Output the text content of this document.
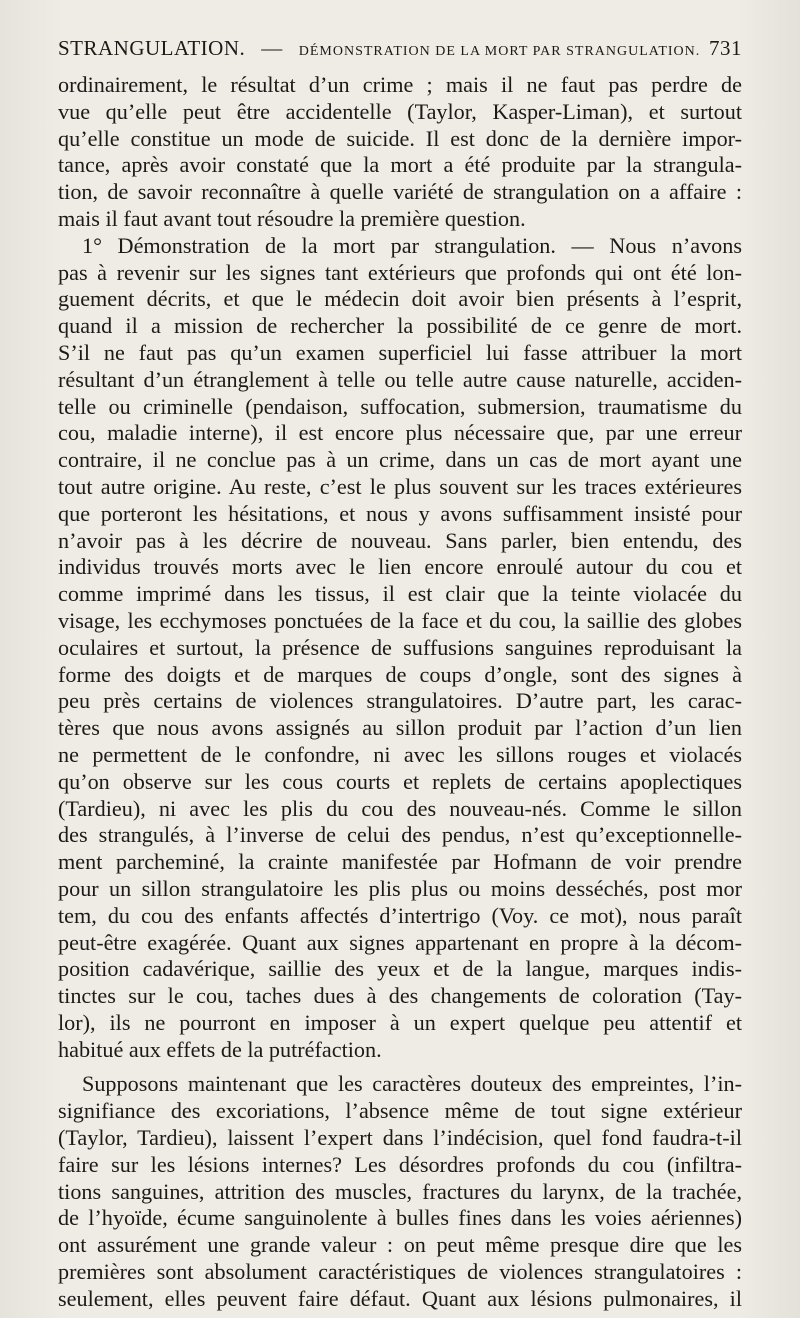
STRANGULATION. — DÉMONSTRATION DE LA MORT PAR STRANGULATION. 731
ordinairement, le résultat d’un crime ; mais il ne faut pas perdre de
vue qu’elle peut être accidentelle (Taylor, Kasper-Liman), et surtout
qu’elle constitue un mode de suicide. Il est donc de la dernière impor-
tance, après avoir constaté que la mort a été produite par la strangula-
tion, de savoir reconnaître à quelle variété de strangulation on a affaire :
mais il faut avant tout résoudre la première question.
1° Démonstration de la mort par strangulation. — Nous n’avons
pas à revenir sur les signes tant extérieurs que profonds qui ont été lon-
guement décrits, et que le médecin doit avoir bien présents à l’esprit,
quand il a mission de rechercher la possibilité de ce genre de mort.
S’il ne faut pas qu’un examen superficiel lui fasse attribuer la mort
résultant d’un étranglement à telle ou telle autre cause naturelle, acciden-
telle ou criminelle (pendaison, suffocation, submersion, traumatisme du
cou, maladie interne), il est encore plus nécessaire que, par une erreur
contraire, il ne conclue pas à un crime, dans un cas de mort ayant une
tout autre origine. Au reste, c’est le plus souvent sur les traces extérieures
que porteront les hésitations, et nous y avons suffisamment insisté pour
n’avoir pas à les décrire de nouveau. Sans parler, bien entendu, des
individus trouvés morts avec le lien encore enroulé autour du cou et
comme imprimé dans les tissus, il est clair que la teinte violacée du
visage, les ecchymoses ponctuées de la face et du cou, la saillie des globes
oculaires et surtout, la présence de suffusions sanguines reproduisant la
forme des doigts et de marques de coups d’ongle, sont des signes à
peu près certains de violences strangulatoires. D’autre part, les carac-
tères que nous avons assignés au sillon produit par l’action d’un lien
ne permettent de le confondre, ni avec les sillons rouges et violacés
qu’on observe sur les cous courts et replets de certains apoplectiques
(Tardieu), ni avec les plis du cou des nouveau-nés. Comme le sillon
des strangulés, à l’inverse de celui des pendus, n’est qu’exceptionnelle-
ment parcheminé, la crainte manifestée par Hofmann de voir prendre
pour un sillon strangulatoire les plis plus ou moins desséchés, post mor
tem, du cou des enfants affectés d’intertrigo (Voy. ce mot), nous paraît
peut-être exagérée. Quant aux signes appartenant en propre à la décom-
position cadavérique, saillie des yeux et de la langue, marques indis-
tinctes sur le cou, taches dues à des changements de coloration (Tay-
lor), ils ne pourront en imposer à un expert quelque peu attentif et
habitué aux effets de la putréfaction.
Supposons maintenant que les caractères douteux des empreintes, l’in-
signifiance des excoriations, l’absence même de tout signe extérieur
(Taylor, Tardieu), laissent l’expert dans l’indécision, quel fond faudra-t-il
faire sur les lésions internes? Les désordres profonds du cou (infiltra-
tions sanguines, attrition des muscles, fractures du larynx, de la trachée,
de l’hyoïde, écume sanguinolente à bulles fines dans les voies aériennes)
ont assurément une grande valeur : on peut même presque dire que les
premières sont absolument caractéristiques de violences strangulatoires :
seulement, elles peuvent faire défaut. Quant aux lésions pulmonaires, il
